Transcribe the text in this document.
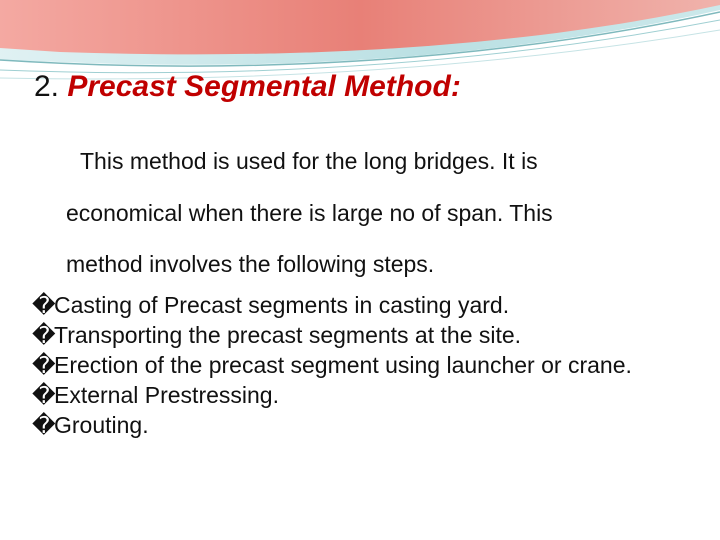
2. Precast Segmental Method:
This method is used for the long bridges. It is
economical when there is large no of span. This
method involves the following steps.
�
Casting of Precast segments in casting yard.
�
Transporting the precast segments at the site.
�
Erection of the precast segment using launcher or crane.
�
External Prestressing.
�
Grouting.
